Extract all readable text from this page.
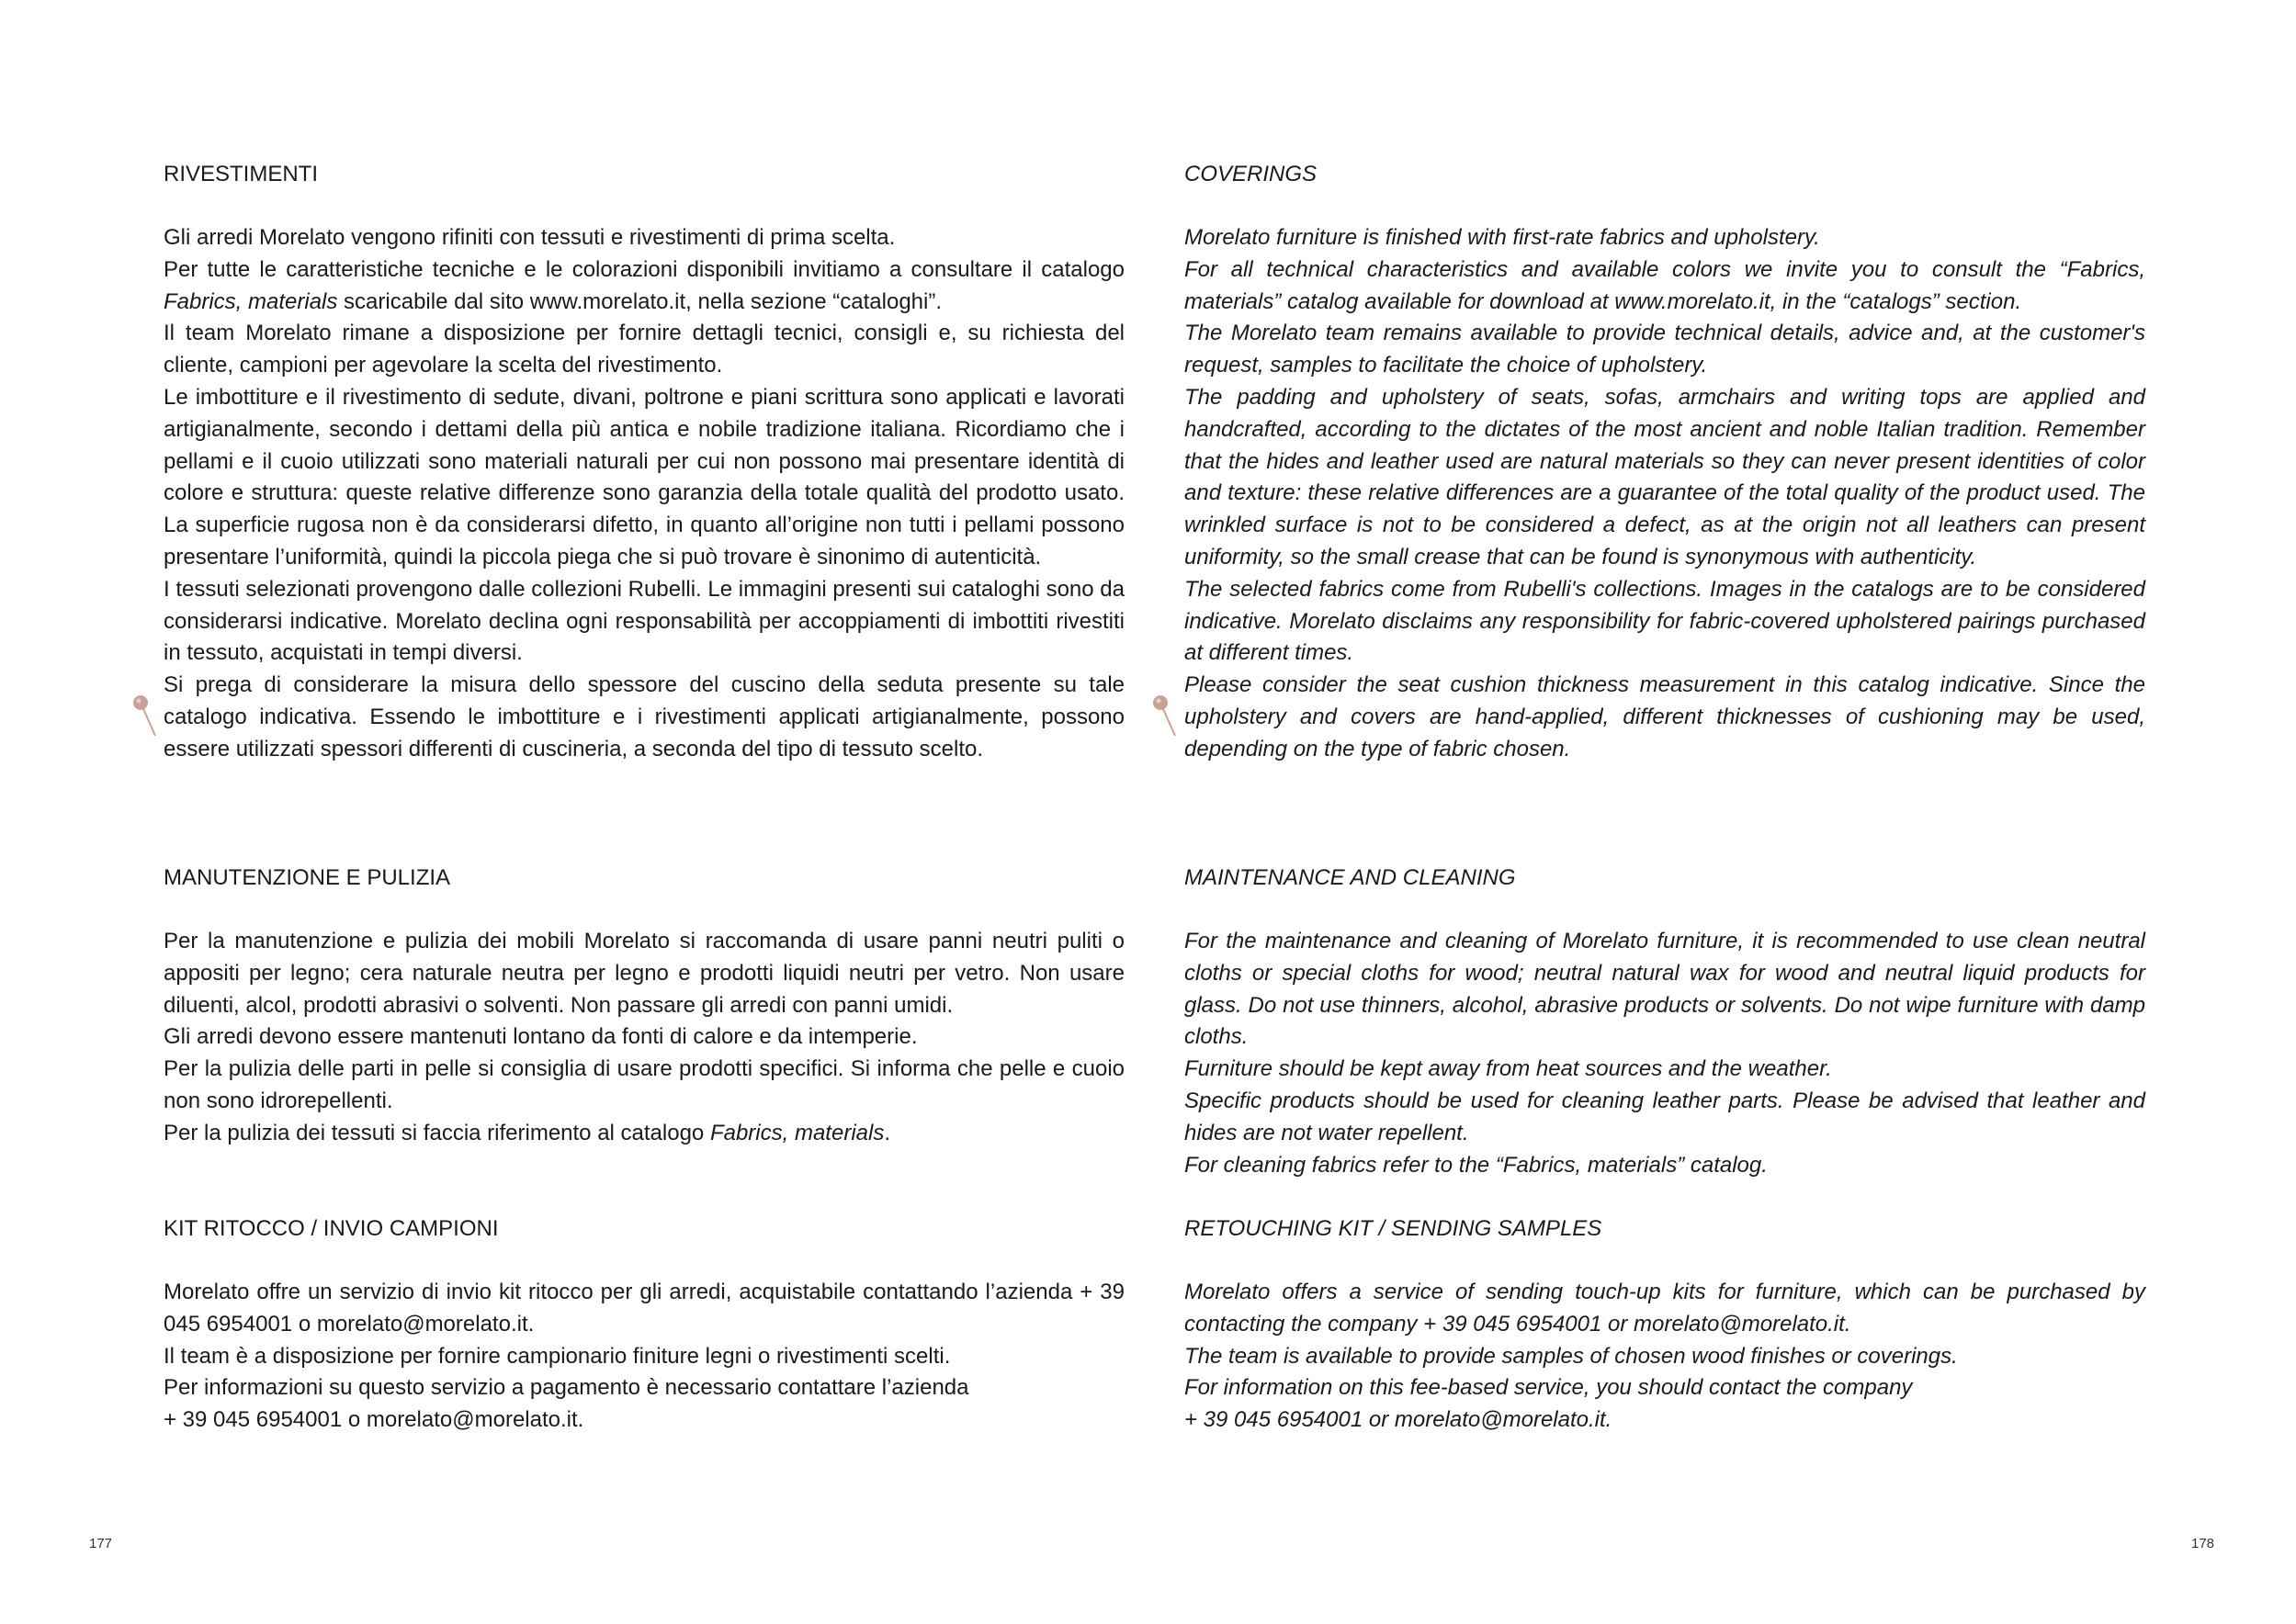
RIVESTIMENTI

Gli arredi Morelato vengono rifiniti con tessuti e rivestimenti di prima scelta.

Per tutte le caratteristiche tecniche e le colorazioni disponibili invitiamo a consultare il catalogo Fabrics, materials scaricabile dal sito www.morelato.it, nella sezione “cataloghi”.

Il team Morelato rimane a disposizione per fornire dettagli tecnici, consigli e, su richiesta del cliente, campioni per agevolare la scelta del rivestimento.

Le imbottiture e il rivestimento di sedute, divani, poltrone e piani scrittura sono applicati e lavorati artigianalmente, secondo i dettami della più antica e nobile tradizione italiana. Ricordiamo che i pellami e il cuoio utilizzati sono materiali naturali per cui non possono mai presentare identità di colore e struttura: queste relative differenze sono garanzia della totale qualità del prodotto usato. La superficie rugosa non è da considerarsi difetto, in quanto all’origine non tutti i pellami possono presentare l’uniformità, quindi la piccola piega che si può trovare è sinonimo di autenticità.

I tessuti selezionati provengono dalle collezioni Rubelli. Le immagini presenti sui cataloghi sono da considerarsi indicative. Morelato declina ogni responsabilità per accoppiamenti di imbottiti rivestiti in tessuto, acquistati in tempi diversi.

Si prega di considerare la misura dello spessore del cuscino della seduta presente su tale catalogo indicativa. Essendo le imbottiture e i rivestimenti applicati artigianalmente, possono essere utilizzati spessori differenti di cuscineria, a seconda del tipo di tessuto scelto.

MANUTENZIONE E PULIZIA

Per la manutenzione e pulizia dei mobili Morelato si raccomanda di usare panni neutri puliti o appositi per legno; cera naturale neutra per legno e prodotti liquidi neutri per vetro. Non usare diluenti, alcol, prodotti abrasivi o solventi. Non passare gli arredi con panni umidi.

Gli arredi devono essere mantenuti lontano da fonti di calore e da intemperie.

Per la pulizia delle parti in pelle si consiglia di usare prodotti specifici. Si informa che pelle e cuoio non sono idrorepellenti.

Per la pulizia dei tessuti si faccia riferimento al catalogo Fabrics, materials.

KIT RITOCCO / INVIO CAMPIONI

Morelato offre un servizio di invio kit ritocco per gli arredi, acquistabile contattando l’azienda + 39 045 6954001 o morelato@morelato.it.

Il team è a disposizione per fornire campionario finiture legni o rivestimenti scelti.

Per informazioni su questo servizio a pagamento è necessario contattare l’azienda

+ 39 045 6954001 o morelato@morelato.it.

COVERINGS

Morelato furniture is finished with first-rate fabrics and upholstery.

For all technical characteristics and available colors we invite you to consult the “Fabrics, materials” catalog available for download at www.morelato.it, in the “catalogs” section.

The Morelato team remains available to provide technical details, advice and, at the customer's request, samples to facilitate the choice of upholstery.

The padding and upholstery of seats, sofas, armchairs and writing tops are applied and handcrafted, according to the dictates of the most ancient and noble Italian tradition. Remember that the hides and leather used are natural materials so they can never present identities of color and texture: these relative differences are a guarantee of the total quality of the product used. The wrinkled surface is not to be considered a defect, as at the origin not all leathers can present uniformity, so the small crease that can be found is synonymous with authenticity.

The selected fabrics come from Rubelli's collections. Images in the catalogs are to be considered indicative. Morelato disclaims any responsibility for fabric-covered upholstered pairings purchased at different times.

Please consider the seat cushion thickness measurement in this catalog indicative. Since the upholstery and covers are hand-applied, different thicknesses of cushioning may be used, depending on the type of fabric chosen.

MAINTENANCE AND CLEANING

For the maintenance and cleaning of Morelato furniture, it is recommended to use clean neutral cloths or special cloths for wood; neutral natural wax for wood and neutral liquid products for glass. Do not use thinners, alcohol, abrasive products or solvents. Do not wipe furniture with damp cloths.

Furniture should be kept away from heat sources and the weather.

Specific products should be used for cleaning leather parts. Please be advised that leather and hides are not water repellent.

For cleaning fabrics refer to the “Fabrics, materials” catalog.

RETOUCHING KIT / SENDING SAMPLES

Morelato offers a service of sending touch-up kits for furniture, which can be purchased by contacting the company + 39 045 6954001 or morelato@morelato.it.

The team is available to provide samples of chosen wood finishes or coverings.

For information on this fee-based service, you should contact the company

+ 39 045 6954001 or morelato@morelato.it.

177	178
